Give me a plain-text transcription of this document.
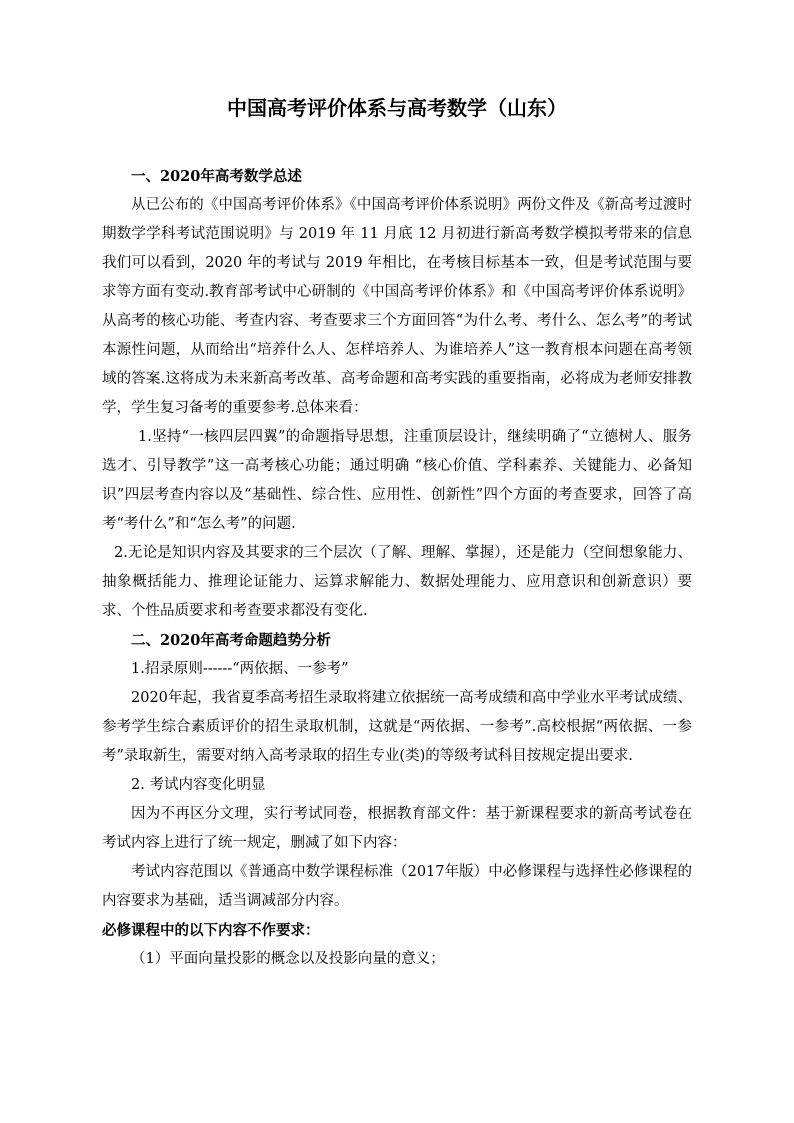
中国高考评价体系与高考数学（山东）

一、2020年高考数学总述

从已公布的《中国高考评价体系》《中国高考评价体系说明》两份文件及《新高考过渡时期数学学科考试范围说明》与 2019 年 11 月底 12 月初进行新高考数学模拟考带来的信息我们可以看到，2020 年的考试与 2019 年相比，在考核目标基本一致，但是考试范围与要求等方面有变动.教育部考试中心研制的《中国高考评价体系》和《中国高考评价体系说明》从高考的核心功能、考查内容、考查要求三个方面回答“为什么考、考什么、怎么考”的考试本源性问题，从而给出“培养什么人、怎样培养人、为谁培养人”这一教育根本问题在高考领域的答案.这将成为未来新高考改革、高考命题和高考实践的重要指南，必将成为老师安排教学，学生复习备考的重要参考.总体来看：

1.坚持“一核四层四翼”的命题指导思想，注重顶层设计，继续明确了“立德树人、服务选才、引导教学”这一高考核心功能；通过明确 “核心价值、学科素养、关键能力、必备知识”四层考查内容以及“基础性、综合性、应用性、创新性”四个方面的考查要求，回答了高考“考什么”和“怎么考”的问题.

2.无论是知识内容及其要求的三个层次（了解、理解、掌握），还是能力（空间想象能力、抽象概括能力、推理论证能力、运算求解能力、数据处理能力、应用意识和创新意识）要求、个性品质要求和考查要求都没有变化.

二、2020年高考命题趋势分析

1.招录原则------“两依据、一参考”

2020年起，我省夏季高考招生录取将建立依据统一高考成绩和高中学业水平考试成绩、参考学生综合素质评价的招生录取机制，这就是“两依据、一参考”.高校根据“两依据、一参考”录取新生，需要对纳入高考录取的招生专业(类)的等级考试科目按规定提出要求.

2. 考试内容变化明显

因为不再区分文理，实行考试同卷，根据教育部文件：基于新课程要求的新高考试卷在考试内容上进行了统一规定，删减了如下内容：

考试内容范围以《普通高中数学课程标准（2017年版）中必修课程与选择性必修课程的内容要求为基础，适当调减部分内容。

必修课程中的以下内容不作要求：

（1）平面向量投影的概念以及投影向量的意义；
